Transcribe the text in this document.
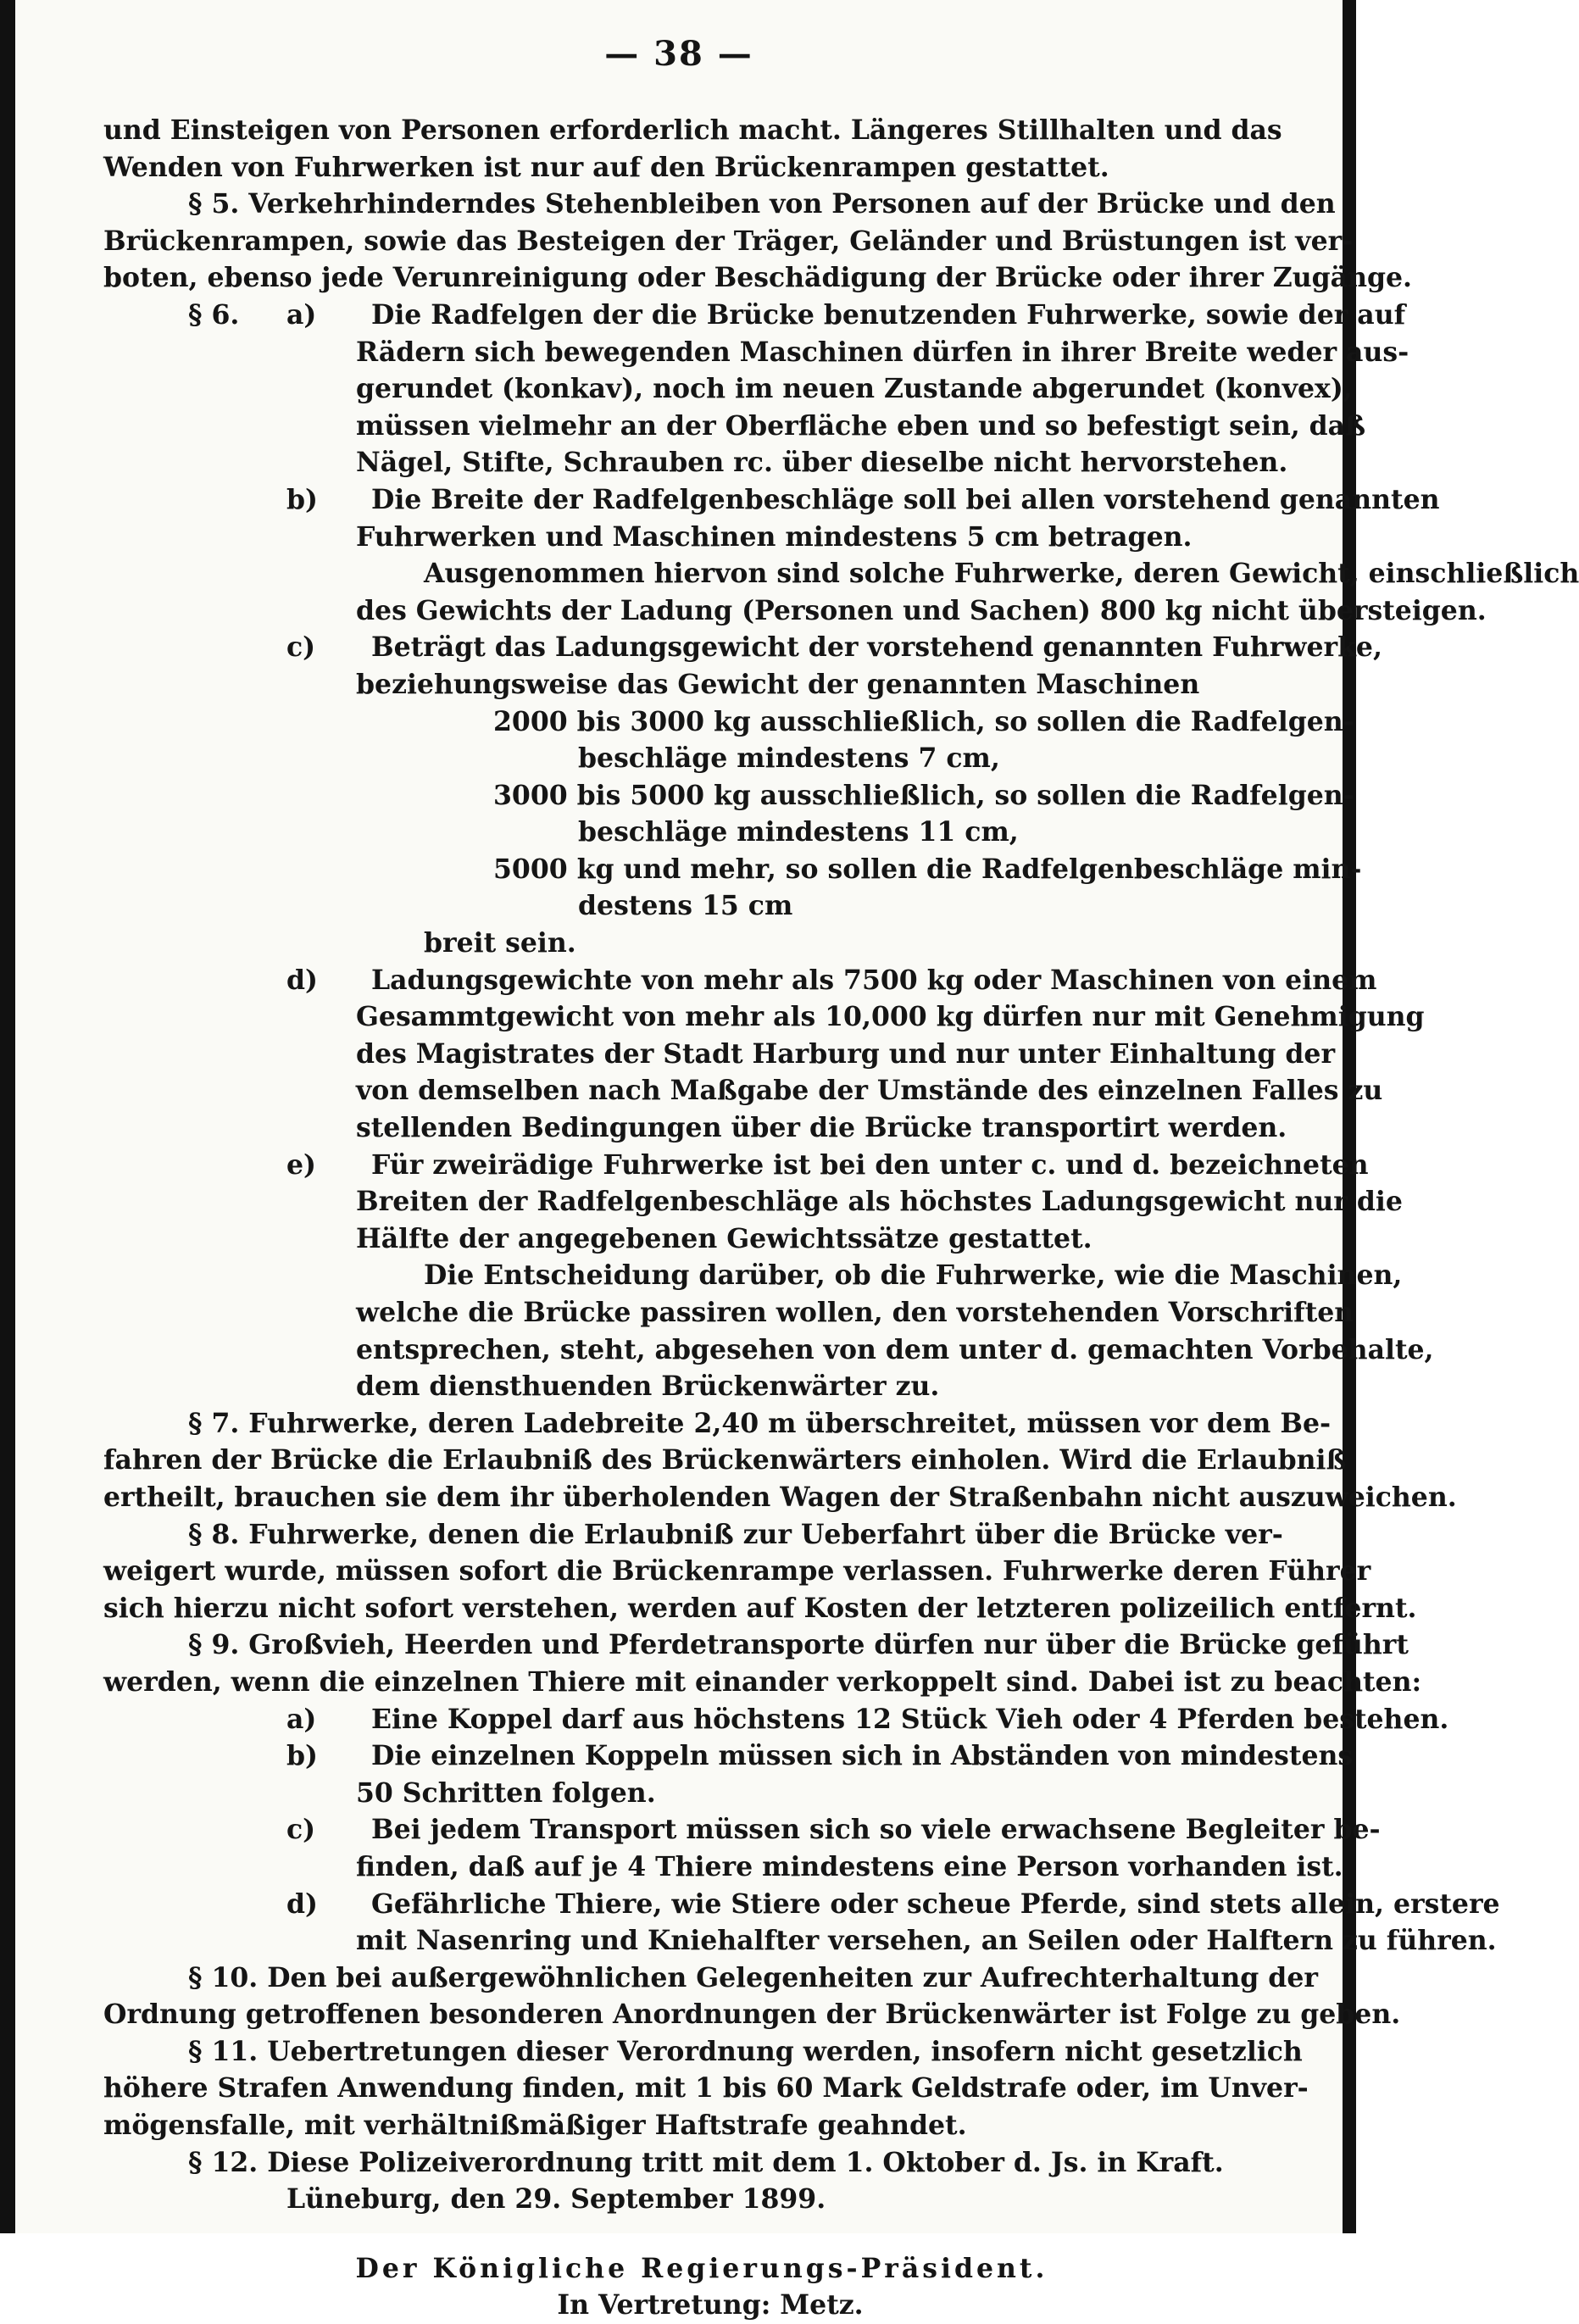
— 38 —
und Einsteigen von Personen erforderlich macht. Längeres Stillhalten und das
Wenden von Fuhrwerken ist nur auf den Brückenrampen gestattet.
§ 5. Verkehrhinderndes Stehenbleiben von Personen auf der Brücke und den
Brückenrampen, sowie das Besteigen der Träger, Geländer und Brüstungen ist ver-
boten, ebenso jede Verunreinigung oder Beschädigung der Brücke oder ihrer Zugänge.
§ 6. a) Die Radfelgen der die Brücke benutzenden Fuhrwerke, sowie der auf
Rädern sich bewegenden Maschinen dürfen in ihrer Breite weder aus-
gerundet (konkav), noch im neuen Zustande abgerundet (konvex),
müssen vielmehr an der Oberfläche eben und so befestigt sein, daß
Nägel, Stifte, Schrauben rc. über dieselbe nicht hervorstehen.
b) Die Breite der Radfelgenbeschläge soll bei allen vorstehend genannten
Fuhrwerken und Maschinen mindestens 5 cm betragen.
Ausgenommen hiervon sind solche Fuhrwerke, deren Gewicht, einschließlich
des Gewichts der Ladung (Personen und Sachen) 800 kg nicht übersteigen.
c) Beträgt das Ladungsgewicht der vorstehend genannten Fuhrwerke,
beziehungsweise das Gewicht der genannten Maschinen
2000 bis 3000 kg ausschließlich, so sollen die Radfelgen-
beschläge mindestens 7 cm,
3000 bis 5000 kg ausschließlich, so sollen die Radfelgen-
beschläge mindestens 11 cm,
5000 kg und mehr, so sollen die Radfelgenbeschläge min-
destens 15 cm
breit sein.
d) Ladungsgewichte von mehr als 7500 kg oder Maschinen von einem
Gesammtgewicht von mehr als 10,000 kg dürfen nur mit Genehmigung
des Magistrates der Stadt Harburg und nur unter Einhaltung der
von demselben nach Maßgabe der Umstände des einzelnen Falles zu
stellenden Bedingungen über die Brücke transportirt werden.
e) Für zweirädige Fuhrwerke ist bei den unter c. und d. bezeichneten
Breiten der Radfelgenbeschläge als höchstes Ladungsgewicht nur die
Hälfte der angegebenen Gewichtssätze gestattet.
Die Entscheidung darüber, ob die Fuhrwerke, wie die Maschinen,
welche die Brücke passiren wollen, den vorstehenden Vorschriften
entsprechen, steht, abgesehen von dem unter d. gemachten Vorbehalte,
dem diensthuenden Brückenwärter zu.
§ 7. Fuhrwerke, deren Ladebreite 2,40 m überschreitet, müssen vor dem Be-
fahren der Brücke die Erlaubniß des Brückenwärters einholen. Wird die Erlaubniß
ertheilt, brauchen sie dem ihr überholenden Wagen der Straßenbahn nicht auszuweichen.
§ 8. Fuhrwerke, denen die Erlaubniß zur Ueberfahrt über die Brücke ver-
weigert wurde, müssen sofort die Brückenrampe verlassen. Fuhrwerke deren Führer
sich hierzu nicht sofort verstehen, werden auf Kosten der letzteren polizeilich entfernt.
§ 9. Großvieh, Heerden und Pferdetransporte dürfen nur über die Brücke geführt
werden, wenn die einzelnen Thiere mit einander verkoppelt sind. Dabei ist zu beachten:
a) Eine Koppel darf aus höchstens 12 Stück Vieh oder 4 Pferden bestehen.
b) Die einzelnen Koppeln müssen sich in Abständen von mindestens
50 Schritten folgen.
c) Bei jedem Transport müssen sich so viele erwachsene Begleiter be-
finden, daß auf je 4 Thiere mindestens eine Person vorhanden ist.
d) Gefährliche Thiere, wie Stiere oder scheue Pferde, sind stets allein, erstere
mit Nasenring und Kniehalfter versehen, an Seilen oder Halftern zu führen.
§ 10. Den bei außergewöhnlichen Gelegenheiten zur Aufrechterhaltung der
Ordnung getroffenen besonderen Anordnungen der Brückenwärter ist Folge zu geben.
§ 11. Uebertretungen dieser Verordnung werden, insofern nicht gesetzlich
höhere Strafen Anwendung finden, mit 1 bis 60 Mark Geldstrafe oder, im Unver-
mögensfalle, mit verhältnißmäßiger Haftstrafe geahndet.
§ 12. Diese Polizeiverordnung tritt mit dem 1. Oktober d. Js. in Kraft.
Lüneburg, den 29. September 1899.
Der Königliche Regierungs-Präsident.
In Vertretung: Metz.
